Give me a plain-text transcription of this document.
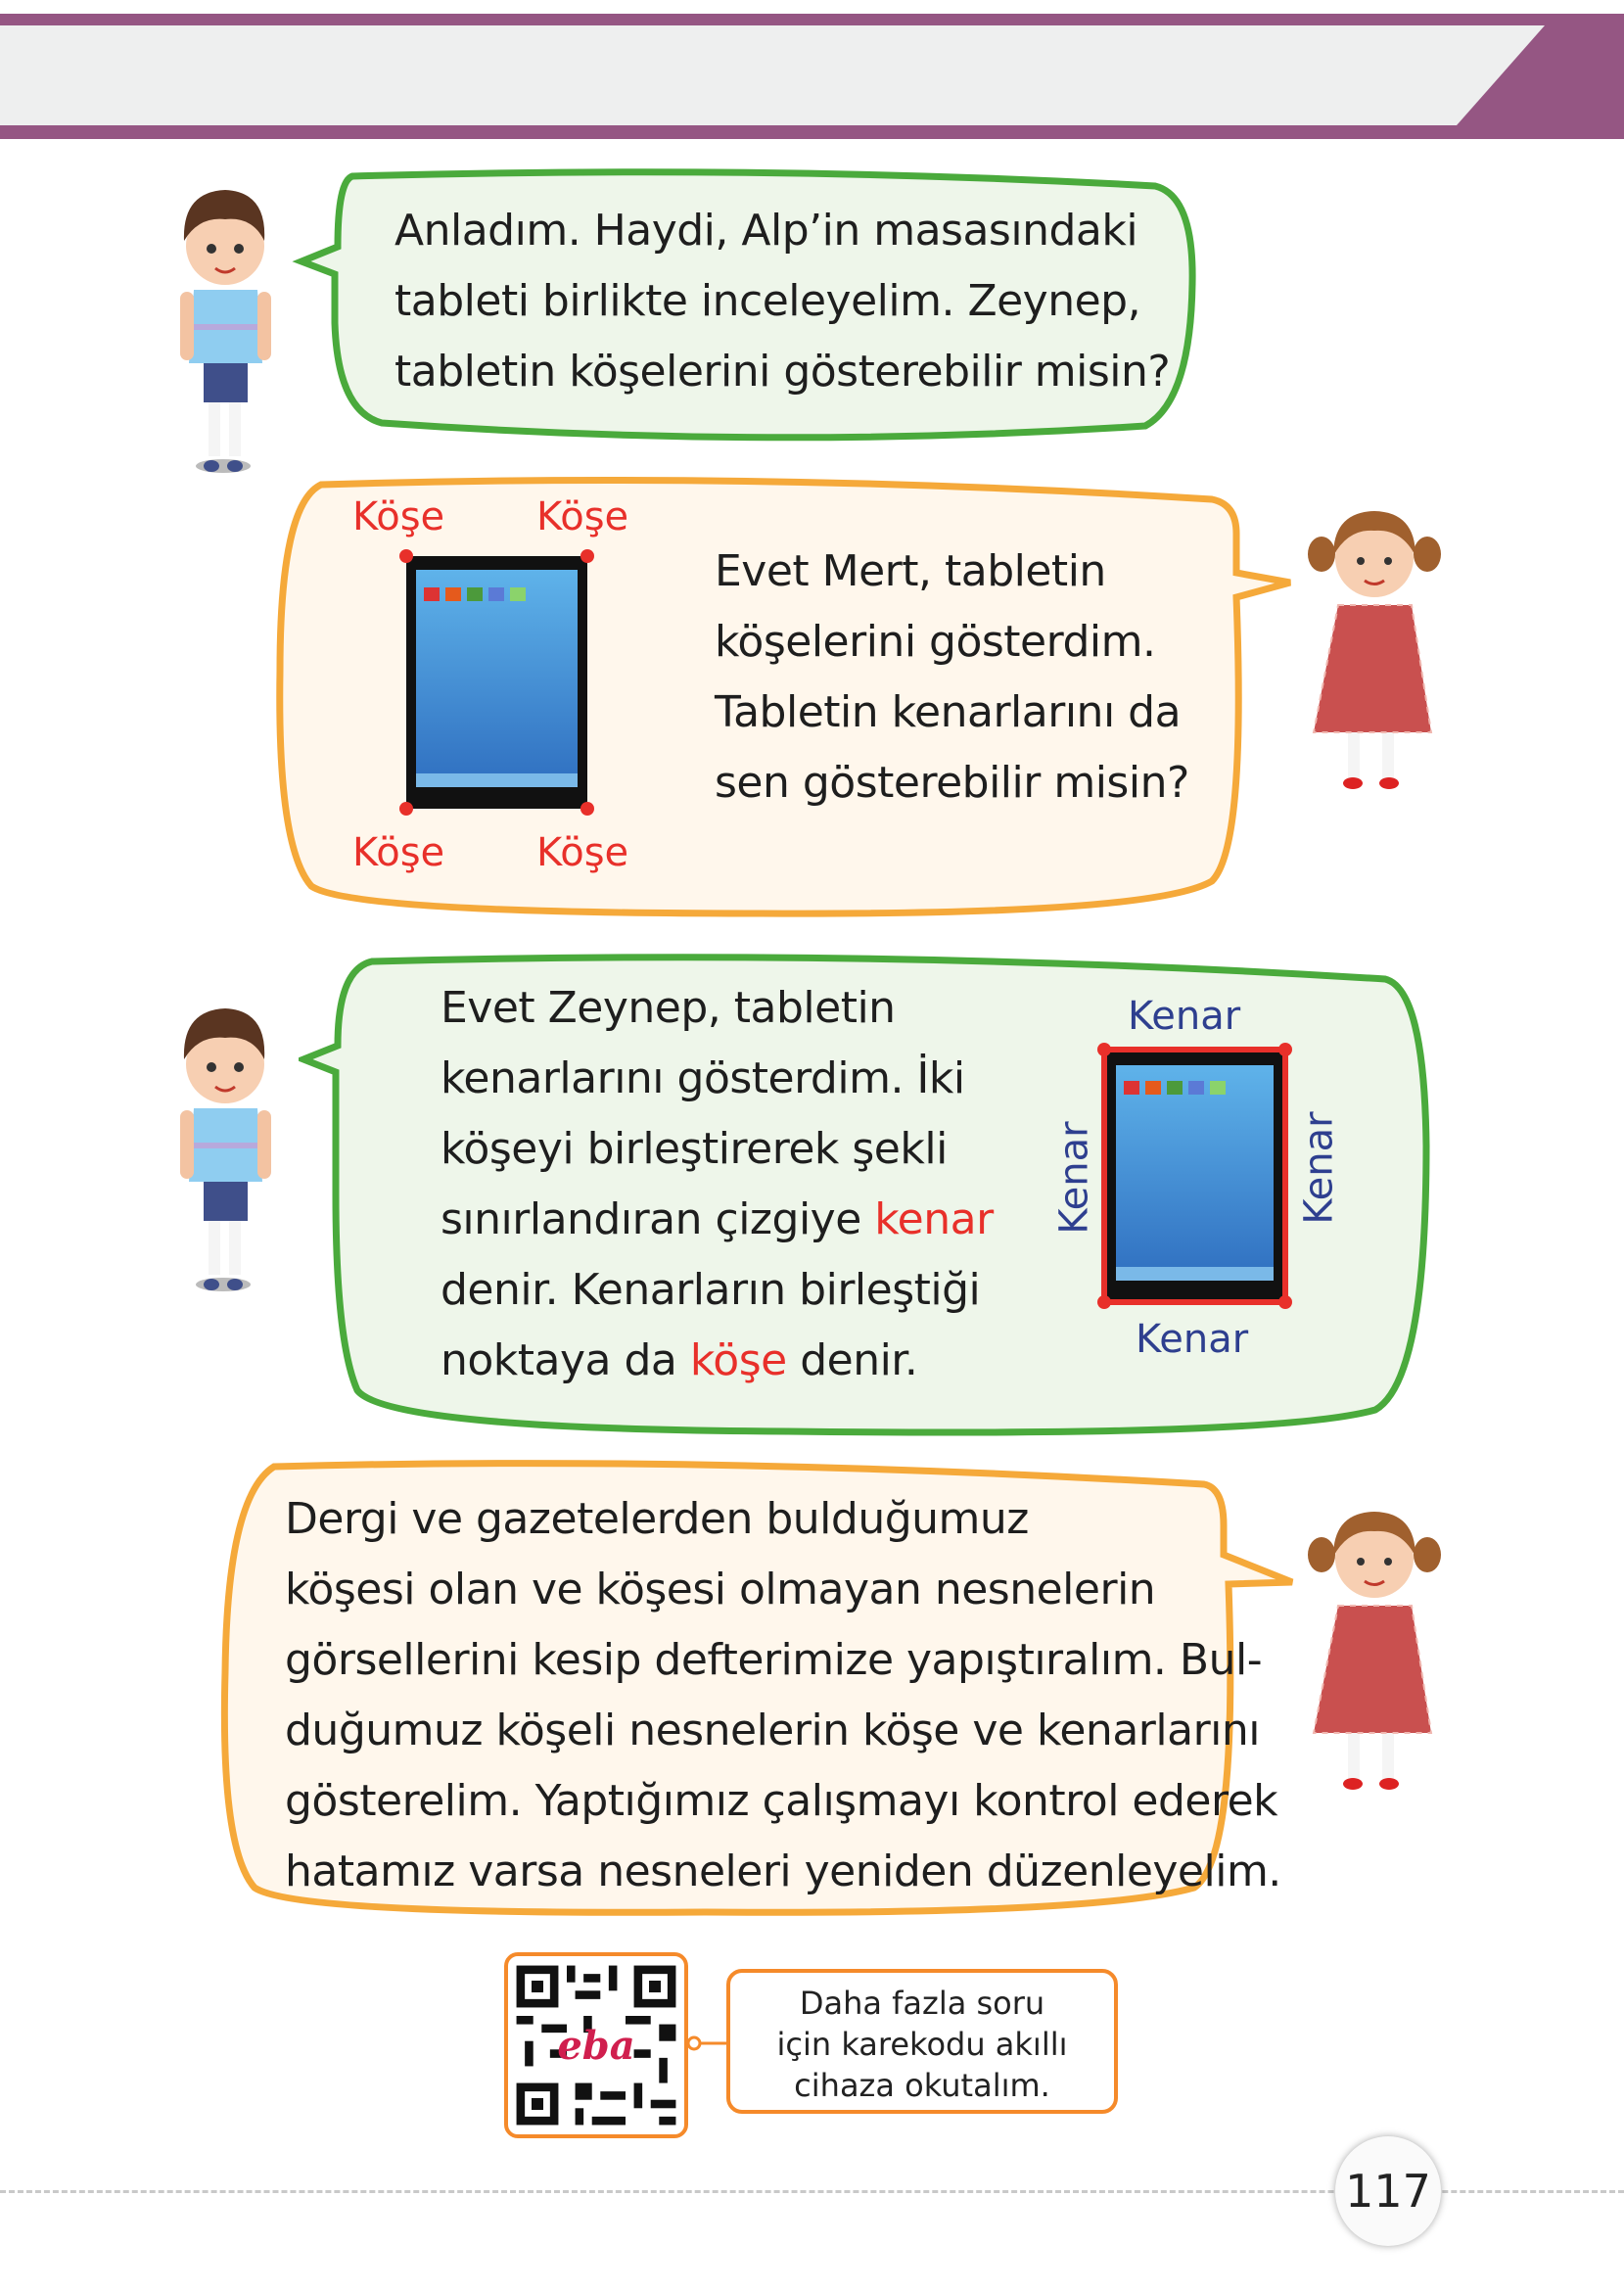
Anladım. Haydi, Alp’in masasındaki
tableti birlikte inceleyelim. Zeynep,
tabletin köşelerini gösterebilir misin?
Köşe Köşe
Köşe Köşe
Evet Mert, tabletin
köşelerini gösterdim.
Tabletin kenarlarını da
sen gösterebilir misin?
Evet Zeynep, tabletin
kenarlarını gösterdim. İki
köşeyi birleştirerek şekli
sınırlandıran çizgiye kenar
denir. Kenarların birleştiği
noktaya da köşe denir.
Kenar
Kenar
Kenar	Kenar
Dergi ve gazetelerden bulduğumuz
köşesi olan ve köşesi olmayan nesnelerin
görsellerini kesip defterimize yapıştıralım. Bul-
duğumuz köşeli nesnelerin köşe ve kenarlarını
gösterelim. Yaptığımız çalışmayı kontrol ederek
hatamız varsa nesneleri yeniden düzenleyelim.
eba
Daha fazla soru
için karekodu akıllı
cihaza okutalım.
117
